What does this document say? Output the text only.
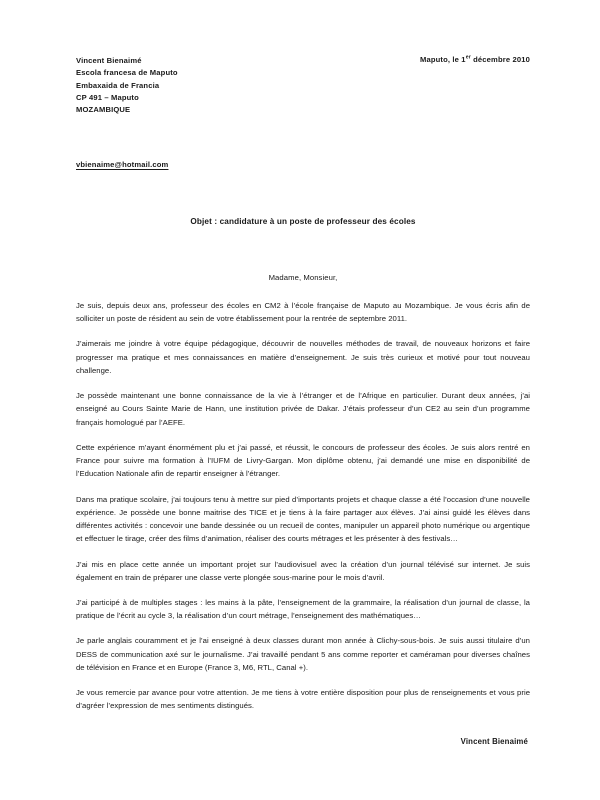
Vincent Bienaimé
Escola francesa de Maputo
Embaxaida de Francia
CP 491 – Maputo
MOZAMBIQUE
Maputo, le 1er décembre 2010
vbienaime@hotmail.com
Objet : candidature à un poste de professeur des écoles
Madame, Monsieur,

Je suis, depuis deux ans, professeur des écoles en CM2 à l’école française de Maputo au Mozambique. Je vous écris afin de solliciter un poste de résident au sein de votre établissement pour la rentrée de septembre 2011.

J’aimerais me joindre à votre équipe pédagogique, découvrir de nouvelles méthodes de travail, de nouveaux horizons et faire progresser ma pratique et mes connaissances en matière d’enseignement. Je suis très curieux et motivé pour tout nouveau challenge.

Je possède maintenant une bonne connaissance de la vie à l’étranger et de l’Afrique en particulier. Durant deux années, j’ai enseigné au Cours Sainte Marie de Hann, une institution privée de Dakar. J’étais professeur d’un CE2 au sein d’un programme français homologué par l’AEFE.

Cette expérience m’ayant énormément plu et j’ai passé, et réussit, le concours de professeur des écoles. Je suis alors rentré en France pour suivre ma formation à l’IUFM de Livry-Gargan. Mon diplôme obtenu, j’ai demandé une mise en disponibilité de l’Education Nationale afin de repartir enseigner à l’étranger.

Dans ma pratique scolaire, j’ai toujours tenu à mettre sur pied d’importants projets et chaque classe a été l’occasion d’une nouvelle expérience. Je possède une bonne maitrise des TICE et je tiens à la faire partager aux élèves. J’ai ainsi guidé les élèves dans différentes activités : concevoir une bande dessinée ou un recueil de contes, manipuler un appareil photo numérique ou argentique et effectuer le tirage, créer des films d’animation, réaliser des courts métrages et les présenter à des festivals…

J’ai mis en place cette année un important projet sur l’audiovisuel avec la création d’un journal télévisé sur internet. Je suis également en train de préparer une classe verte plongée sous-marine pour le mois d’avril.

J’ai participé à de multiples stages : les mains à la pâte, l’enseignement de la grammaire, la réalisation d’un journal de classe, la pratique de l’écrit au cycle 3, la réalisation d’un court métrage, l’enseignement des mathématiques…

Je parle anglais couramment et je l’ai enseigné à deux classes durant mon année à Clichy-sous-bois. Je suis aussi titulaire d’un DESS de communication axé sur le journalisme. J’ai travaillé pendant 5 ans comme reporter et caméraman pour diverses chaînes de télévision en France et en Europe (France 3, M6, RTL, Canal +).

Je vous remercie par avance pour votre attention. Je me tiens à votre entière disposition pour plus de renseignements et vous prie d’agréer l’expression de mes sentiments distingués.

Vincent Bienaimé
